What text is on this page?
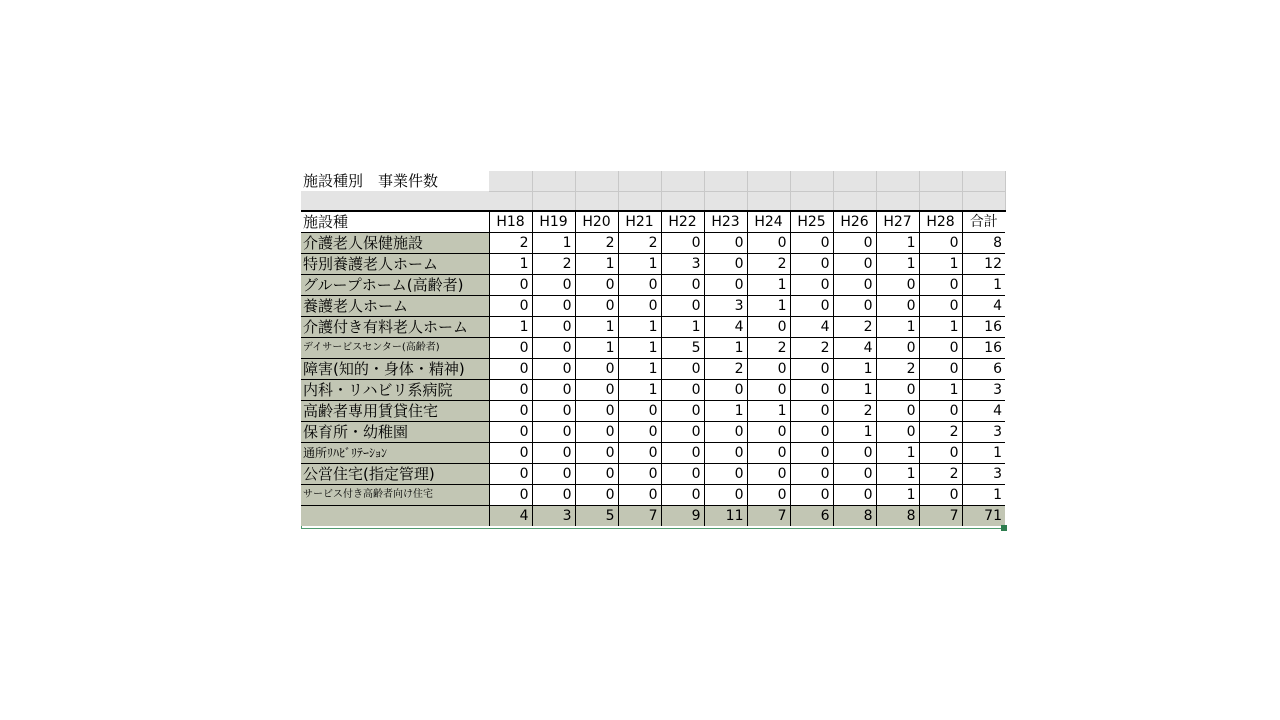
施設種別　事業件数												

施設種	H18	H19	H20	H21	H22	H23	H24	H25	H26	H27	H28	合計
介護老人保健施設	2	1	2	2	0	0	0	0	0	1	0	8
特別養護老人ホーム	1	2	1	1	3	0	2	0	0	1	1	12
グループホーム(高齢者)	0	0	0	0	0	0	1	0	0	0	0	1
養護老人ホーム	0	0	0	0	0	3	1	0	0	0	0	4
介護付き有料老人ホーム	1	0	1	1	1	4	0	4	2	1	1	16
デイサービスセンター(高齢者)	0	0	1	1	5	1	2	2	4	0	0	16
障害(知的・身体・精神)	0	0	0	1	0	2	0	0	1	2	0	6
内科・リハビリ系病院	0	0	0	1	0	0	0	0	1	0	1	3
高齢者専用賃貸住宅	0	0	0	0	0	1	1	0	2	0	0	4
保育所・幼稚園	0	0	0	0	0	0	0	0	1	0	2	3
通所ﾘﾊﾋﾞﾘﾃｰｼｮﾝ	0	0	0	0	0	0	0	0	0	1	0	1
公営住宅(指定管理)	0	0	0	0	0	0	0	0	0	1	2	3
サービス付き高齢者向け住宅	0	0	0	0	0	0	0	0	0	1	0	1
	4	3	5	7	9	11	7	6	8	8	7	71
